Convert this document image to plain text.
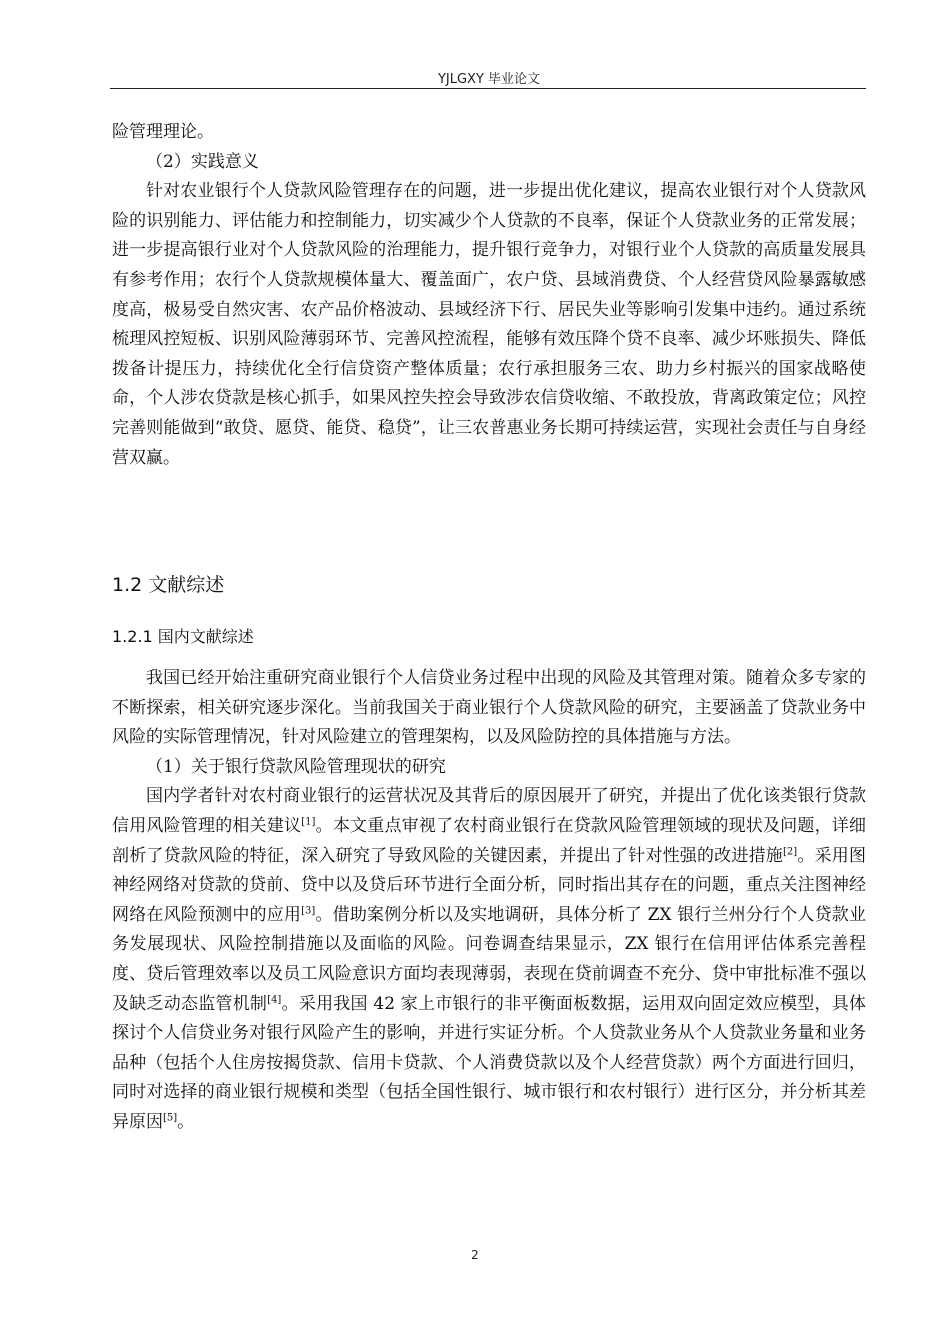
YJLGXY 毕业论文

险管理理论。

（2）实践意义

针对农业银行个人贷款风险管理存在的问题，进一步提出优化建议，提高农业银行对个人贷款风险的识别能力、评估能力和控制能力，切实减少个人贷款的不良率，保证个人贷款业务的正常发展；进一步提高银行业对个人贷款风险的治理能力，提升银行竞争力，对银行业个人贷款的高质量发展具有参考作用；农行个人贷款规模体量大、覆盖面广，农户贷、县域消费贷、个人经营贷风险暴露敏感度高，极易受自然灾害、农产品价格波动、县域经济下行、居民失业等影响引发集中违约。通过系统梳理风控短板、识别风险薄弱环节、完善风控流程，能够有效压降个贷不良率、减少坏账损失、降低拨备计提压力，持续优化全行信贷资产整体质量；农行承担服务三农、助力乡村振兴的国家战略使命，个人涉农贷款是核心抓手，如果风控失控会导致涉农信贷收缩、不敢投放，背离政策定位；风控完善则能做到“敢贷、愿贷、能贷、稳贷”，让三农普惠业务长期可持续运营，实现社会责任与自身经营双赢。

1.2 文献综述
1.2.1 国内文献综述

我国已经开始注重研究商业银行个人信贷业务过程中出现的风险及其管理对策。随着众多专家的不断探索，相关研究逐步深化。当前我国关于商业银行个人贷款风险的研究，主要涵盖了贷款业务中风险的实际管理情况，针对风险建立的管理架构，以及风险防控的具体措施与方法。

（1）关于银行贷款风险管理现状的研究

国内学者针对农村商业银行的运营状况及其背后的原因展开了研究，并提出了优化该类银行贷款信用风险管理的相关建议[1]。本文重点审视了农村商业银行在贷款风险管理领域的现状及问题，详细剖析了贷款风险的特征，深入研究了导致风险的关键因素，并提出了针对性强的改进措施[2]。采用图神经网络对贷款的贷前、贷中以及贷后环节进行全面分析，同时指出其存在的问题，重点关注图神经网络在风险预测中的应用[3]。借助案例分析以及实地调研，具体分析了 ZX 银行兰州分行个人贷款业务发展现状、风险控制措施以及面临的风险。问卷调查结果显示，ZX 银行在信用评估体系完善程度、贷后管理效率以及员工风险意识方面均表现薄弱，表现在贷前调查不充分、贷中审批标准不强以及缺乏动态监管机制[4]。采用我国 42 家上市银行的非平衡面板数据，运用双向固定效应模型，具体探讨个人信贷业务对银行风险产生的影响，并进行实证分析。个人贷款业务从个人贷款业务量和业务品种（包括个人住房按揭贷款、信用卡贷款、个人消费贷款以及个人经营贷款）两个方面进行回归，同时对选择的商业银行规模和类型（包括全国性银行、城市银行和农村银行）进行区分，并分析其差异原因[5]。

2
